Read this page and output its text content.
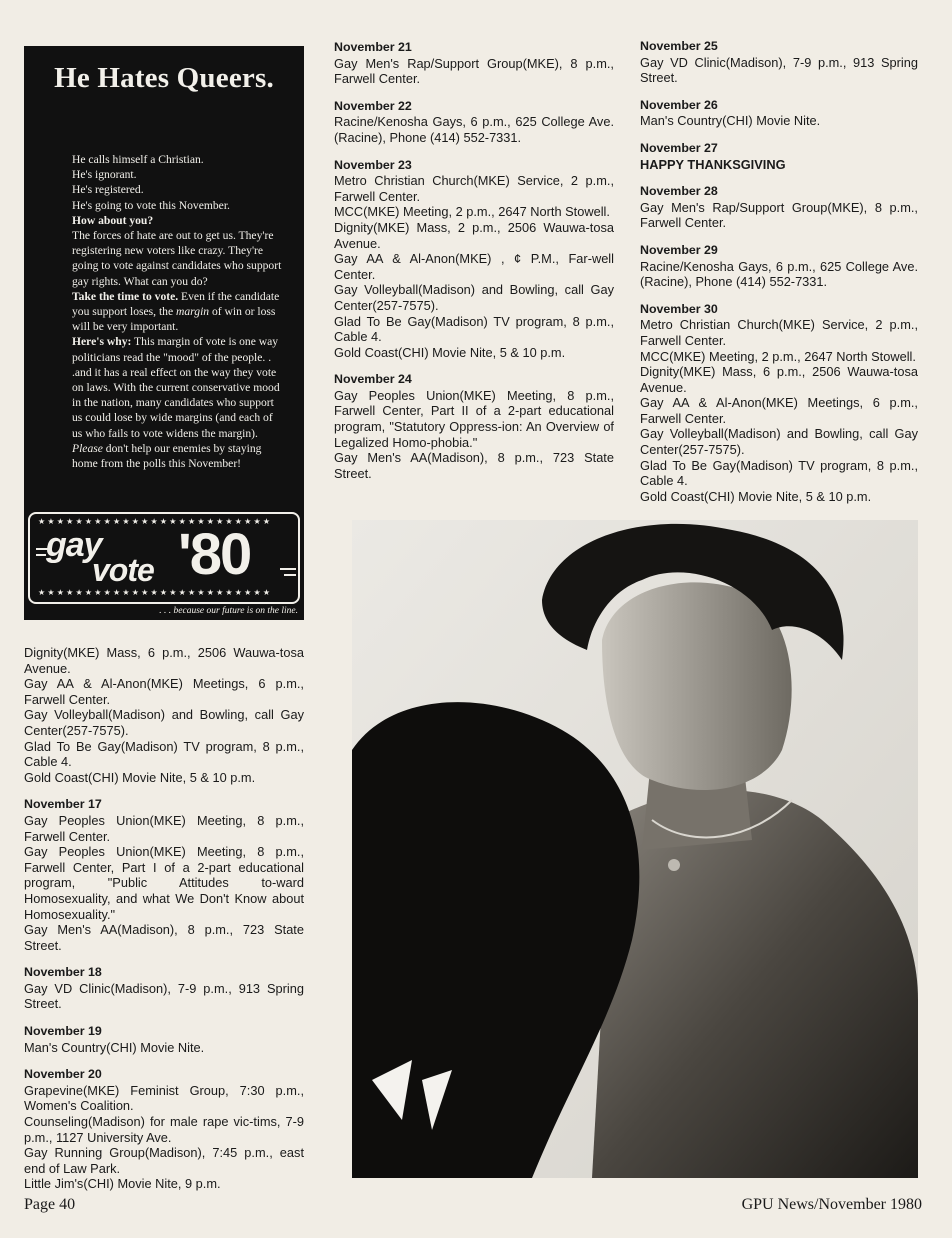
He Hates Queers.

He calls himself a Christian.

He's ignorant.

He's registered.

He's going to vote this November.

How about you?

The forces of hate are out to get us. They're registering new voters like crazy. They're going to vote against candidates who support gay rights. What can you do?

Take the time to vote. Even if the candidate you support loses, the margin of win or loss will be very important.

Here's why: This margin of vote is one way politicians read the "mood" of the people. . .and it has a real effect on the way they vote on laws. With the current conservative mood in the nation, many candidates who support us could lose by wide margins (and each of us who fails to vote widens the margin). Please don't help our enemies by staying home from the polls this November!

★★★★★★★★★★★★★★★★★★★★★★★★★
gay
vote '80
★★★★★★★★★★★★★★★★★★★★★★★★★
. . . because our future is on the line.
Dignity(MKE) Mass, 6 p.m., 2506 Wauwa-tosa Avenue.
Gay AA & Al-Anon(MKE) Meetings, 6 p.m., Farwell Center.
Gay Volleyball(Madison) and Bowling, call Gay Center(257-7575).
Glad To Be Gay(Madison) TV program, 8 p.m., Cable 4.
Gold Coast(CHI) Movie Nite, 5 & 10 p.m.
November 17
Gay Peoples Union(MKE) Meeting, 8 p.m., Farwell Center.
Gay Peoples Union(MKE) Meeting, 8 p.m., Farwell Center, Part I of a 2-part educational program, "Public Attitudes to-ward Homosexuality, and what We Don't Know about Homosexuality."
Gay Men's AA(Madison), 8 p.m., 723 State Street.
November 18
Gay VD Clinic(Madison), 7-9 p.m., 913 Spring Street.
November 19
Man's Country(CHI) Movie Nite.
November 20
Grapevine(MKE) Feminist Group, 7:30 p.m., Women's Coalition.
Counseling(Madison) for male rape vic-tims, 7-9 p.m., 1127 University Ave.
Gay Running Group(Madison), 7:45 p.m., east end of Law Park.
Little Jim's(CHI) Movie Nite, 9 p.m.
November 21
Gay Men's Rap/Support Group(MKE), 8 p.m., Farwell Center.
November 22
Racine/Kenosha Gays, 6 p.m., 625 College Ave.(Racine), Phone (414) 552-7331.
November 23
Metro Christian Church(MKE) Service, 2 p.m., Farwell Center.
MCC(MKE) Meeting, 2 p.m., 2647 North Stowell.
Dignity(MKE) Mass, 2 p.m., 2506 Wauwa-tosa Avenue.
Gay AA & Al-Anon(MKE) , ¢ P.M., Far-well Center.
Gay Volleyball(Madison) and Bowling, call Gay Center(257-7575).
Glad To Be Gay(Madison) TV program, 8 p.m., Cable 4.
Gold Coast(CHI) Movie Nite, 5 & 10 p.m.
November 24
Gay Peoples Union(MKE) Meeting, 8 p.m., Farwell Center, Part II of a 2-part educational program, "Statutory Oppress-ion: An Overview of Legalized Homo-phobia."
Gay Men's AA(Madison), 8 p.m., 723 State Street.
November 25
Gay VD Clinic(Madison), 7-9 p.m., 913 Spring Street.
November 26
Man's Country(CHI) Movie Nite.
November 27
HAPPY THANKSGIVING
November 28
Gay Men's Rap/Support Group(MKE), 8 p.m., Farwell Center.
November 29
Racine/Kenosha Gays, 6 p.m., 625 College Ave.(Racine), Phone (414) 552-7331.
November 30
Metro Christian Church(MKE) Service, 2 p.m., Farwell Center.
MCC(MKE) Meeting, 2 p.m., 2647 North Stowell.
Dignity(MKE) Mass, 6 p.m., 2506 Wauwa-tosa Avenue.
Gay AA & Al-Anon(MKE) Meetings, 6 p.m., Farwell Center.
Gay Volleyball(Madison) and Bowling, call Gay Center(257-7575).
Glad To Be Gay(Madison) TV program, 8 p.m., Cable 4.
Gold Coast(CHI) Movie Nite, 5 & 10 p.m.
Page 40	GPU News/November 1980
